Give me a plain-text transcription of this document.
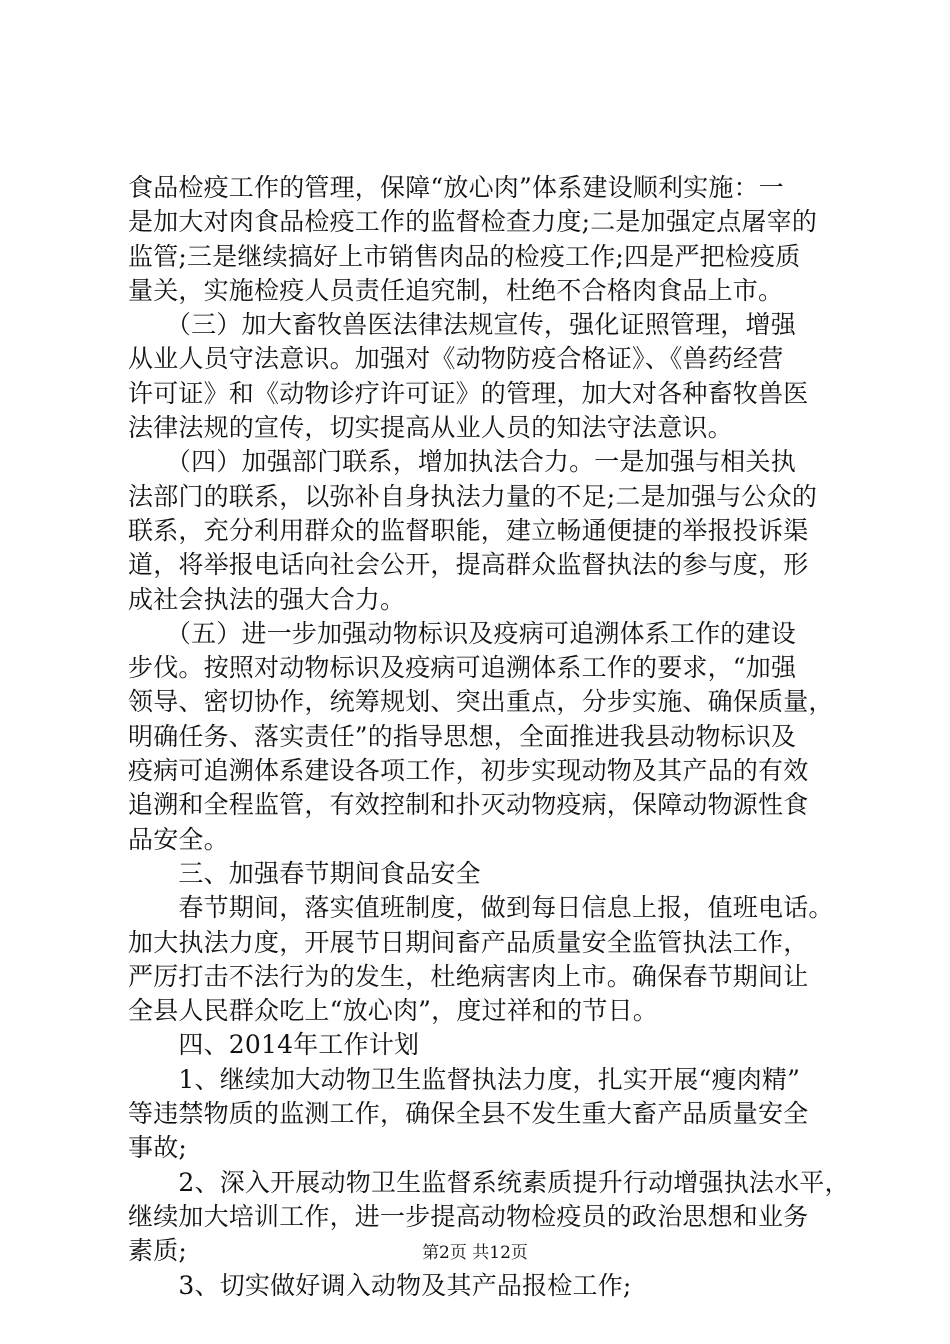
食品检疫工作的管理，保障“放心肉”体系建设顺利实施：一
是加大对肉食品检疫工作的监督检查力度;二是加强定点屠宰的
监管;三是继续搞好上市销售肉品的检疫工作;四是严把检疫质
量关，实施检疫人员责任追究制，杜绝不合格肉食品上市。
　　（三）加大畜牧兽医法律法规宣传，强化证照管理，增强
从业人员守法意识。加强对《动物防疫合格证》、《兽药经营
许可证》和《动物诊疗许可证》的管理，加大对各种畜牧兽医
法律法规的宣传，切实提高从业人员的知法守法意识。
　　（四）加强部门联系，增加执法合力。一是加强与相关执
法部门的联系，以弥补自身执法力量的不足;二是加强与公众的
联系，充分利用群众的监督职能，建立畅通便捷的举报投诉渠
道，将举报电话向社会公开，提高群众监督执法的参与度，形
成社会执法的强大合力。
　　（五）进一步加强动物标识及疫病可追溯体系工作的建设
步伐。按照对动物标识及疫病可追溯体系工作的要求，“加强
领导、密切协作，统筹规划、突出重点，分步实施、确保质量，
明确任务、落实责任”的指导思想，全面推进我县动物标识及
疫病可追溯体系建设各项工作，初步实现动物及其产品的有效
追溯和全程监管，有效控制和扑灭动物疫病，保障动物源性食
品安全。
　　三、加强春节期间食品安全
　　春节期间，落实值班制度，做到每日信息上报，值班电话。
加大执法力度，开展节日期间畜产品质量安全监管执法工作，
严厉打击不法行为的发生，杜绝病害肉上市。确保春节期间让
全县人民群众吃上“放心肉”，度过祥和的节日。
　　四、2014年工作计划
　　1、继续加大动物卫生监督执法力度，扎实开展“瘦肉精”
等违禁物质的监测工作，确保全县不发生重大畜产品质量安全
事故;
　　2、深入开展动物卫生监督系统素质提升行动增强执法水平，
继续加大培训工作，进一步提高动物检疫员的政治思想和业务
素质;
　　3、切实做好调入动物及其产品报检工作;
第2页 共12页
